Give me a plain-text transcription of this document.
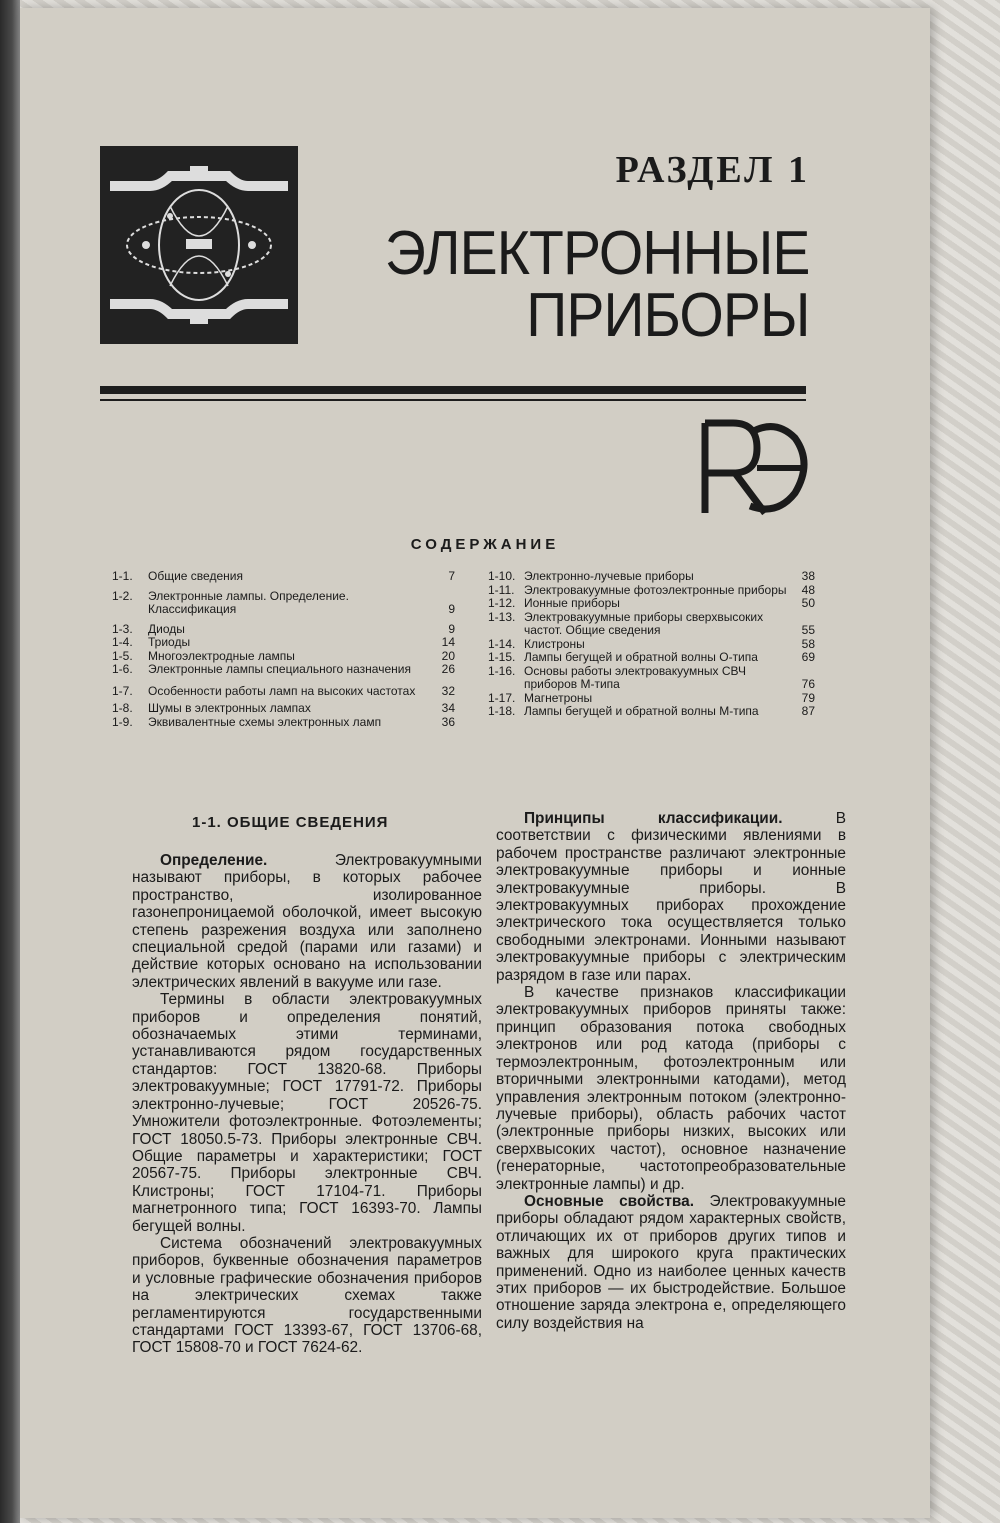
РАЗДЕЛ 1
ЭЛЕКТРОННЫЕ
ПРИБОРЫ
СОДЕРЖАНИЕ
1-1.	Общие сведения	7
1-2.	Электронные лампы. Определение. Классификация	9
1-3.	Диоды	9
1-4.	Триоды	14
1-5.	Многоэлектродные лампы	20
1-6.	Электронные лампы специального назначения	26
1-7.	Особенности работы ламп на высоких частотах	32
1-8.	Шумы в электронных лампах	34
1-9.	Эквивалентные схемы электронных ламп	36
1-10. Электронно-лучевые приборы	38
1-11. Электровакуумные фотоэлектронные приборы	48
1-12. Ионные приборы	50
1-13. Электровакуумные приборы сверхвысоких частот. Общие сведения	55
1-14. Клистроны	58
1-15. Лампы бегущей и обратной волны О-типа	69
1-16. Основы работы электровакуумных СВЧ приборов М-типа	76
1-17. Магнетроны	79
1-18. Лампы бегущей и обратной волны М-типа	87
1-1. ОБЩИЕ СВЕДЕНИЯ

Определение.	Электровакуумными называют приборы, в которых рабочее пространство, изолированное газонепроницаемой оболочкой, имеет высокую степень разрежения воздуха или заполнено специальной средой (парами или газами) и действие которых основано на использовании электрических явлений в вакууме или газе.

Термины в области электровакуумных приборов и определения понятий, обозначаемых этими терминами, устанавливаются рядом государственных стандартов: ГОСТ 13820-68. Приборы электровакуумные; ГОСТ 17791-72. Приборы электронно-лучевые; ГОСТ 20526-75. Умножители фотоэлектронные. Фотоэлементы; ГОСТ 18050.5-73. Приборы электронные СВЧ. Общие параметры и характеристики; ГОСТ 20567-75. Приборы электронные СВЧ. Клистроны; ГОСТ 17104-71. Приборы магнетронного типа; ГОСТ 16393-70. Лампы бегущей волны.

Система обозначений электровакуумных приборов, буквенные обозначения параметров и условные графические обозначения приборов на электрических схемах также регламентируются государственными стандартами ГОСТ 13393-67, ГОСТ 13706-68, ГОСТ 15808-70 и ГОСТ 7624-62.

Принципы классификации.	В соответствии с физическими явлениями в рабочем пространстве различают электронные электровакуумные приборы и ионные электровакуумные приборы. В электровакуумных приборах прохождение электрического тока осуществляется только свободными электронами. Ионными называют электровакуумные приборы с электрическим разрядом в газе или парах.

В качестве признаков классификации электровакуумных приборов приняты также: принцип образования потока свободных электронов или род катода (приборы с термоэлектронным, фотоэлектронным или вторичными электронными катодами), метод управления электронным потоком (электронно-лучевые приборы), область рабочих частот (электронные приборы низких, высоких или сверхвысоких частот), основное назначение (генераторные, частотопреобразовательные электронные лампы) и др.

Основные свойства. Электровакуумные приборы обладают рядом характерных свойств, отличающих их от приборов других типов и важных для широкого круга практических применений. Одно из наиболее ценных качеств этих приборов — их быстродействие. Большое отношение заряда электрона e, определяющего силу воздействия на
